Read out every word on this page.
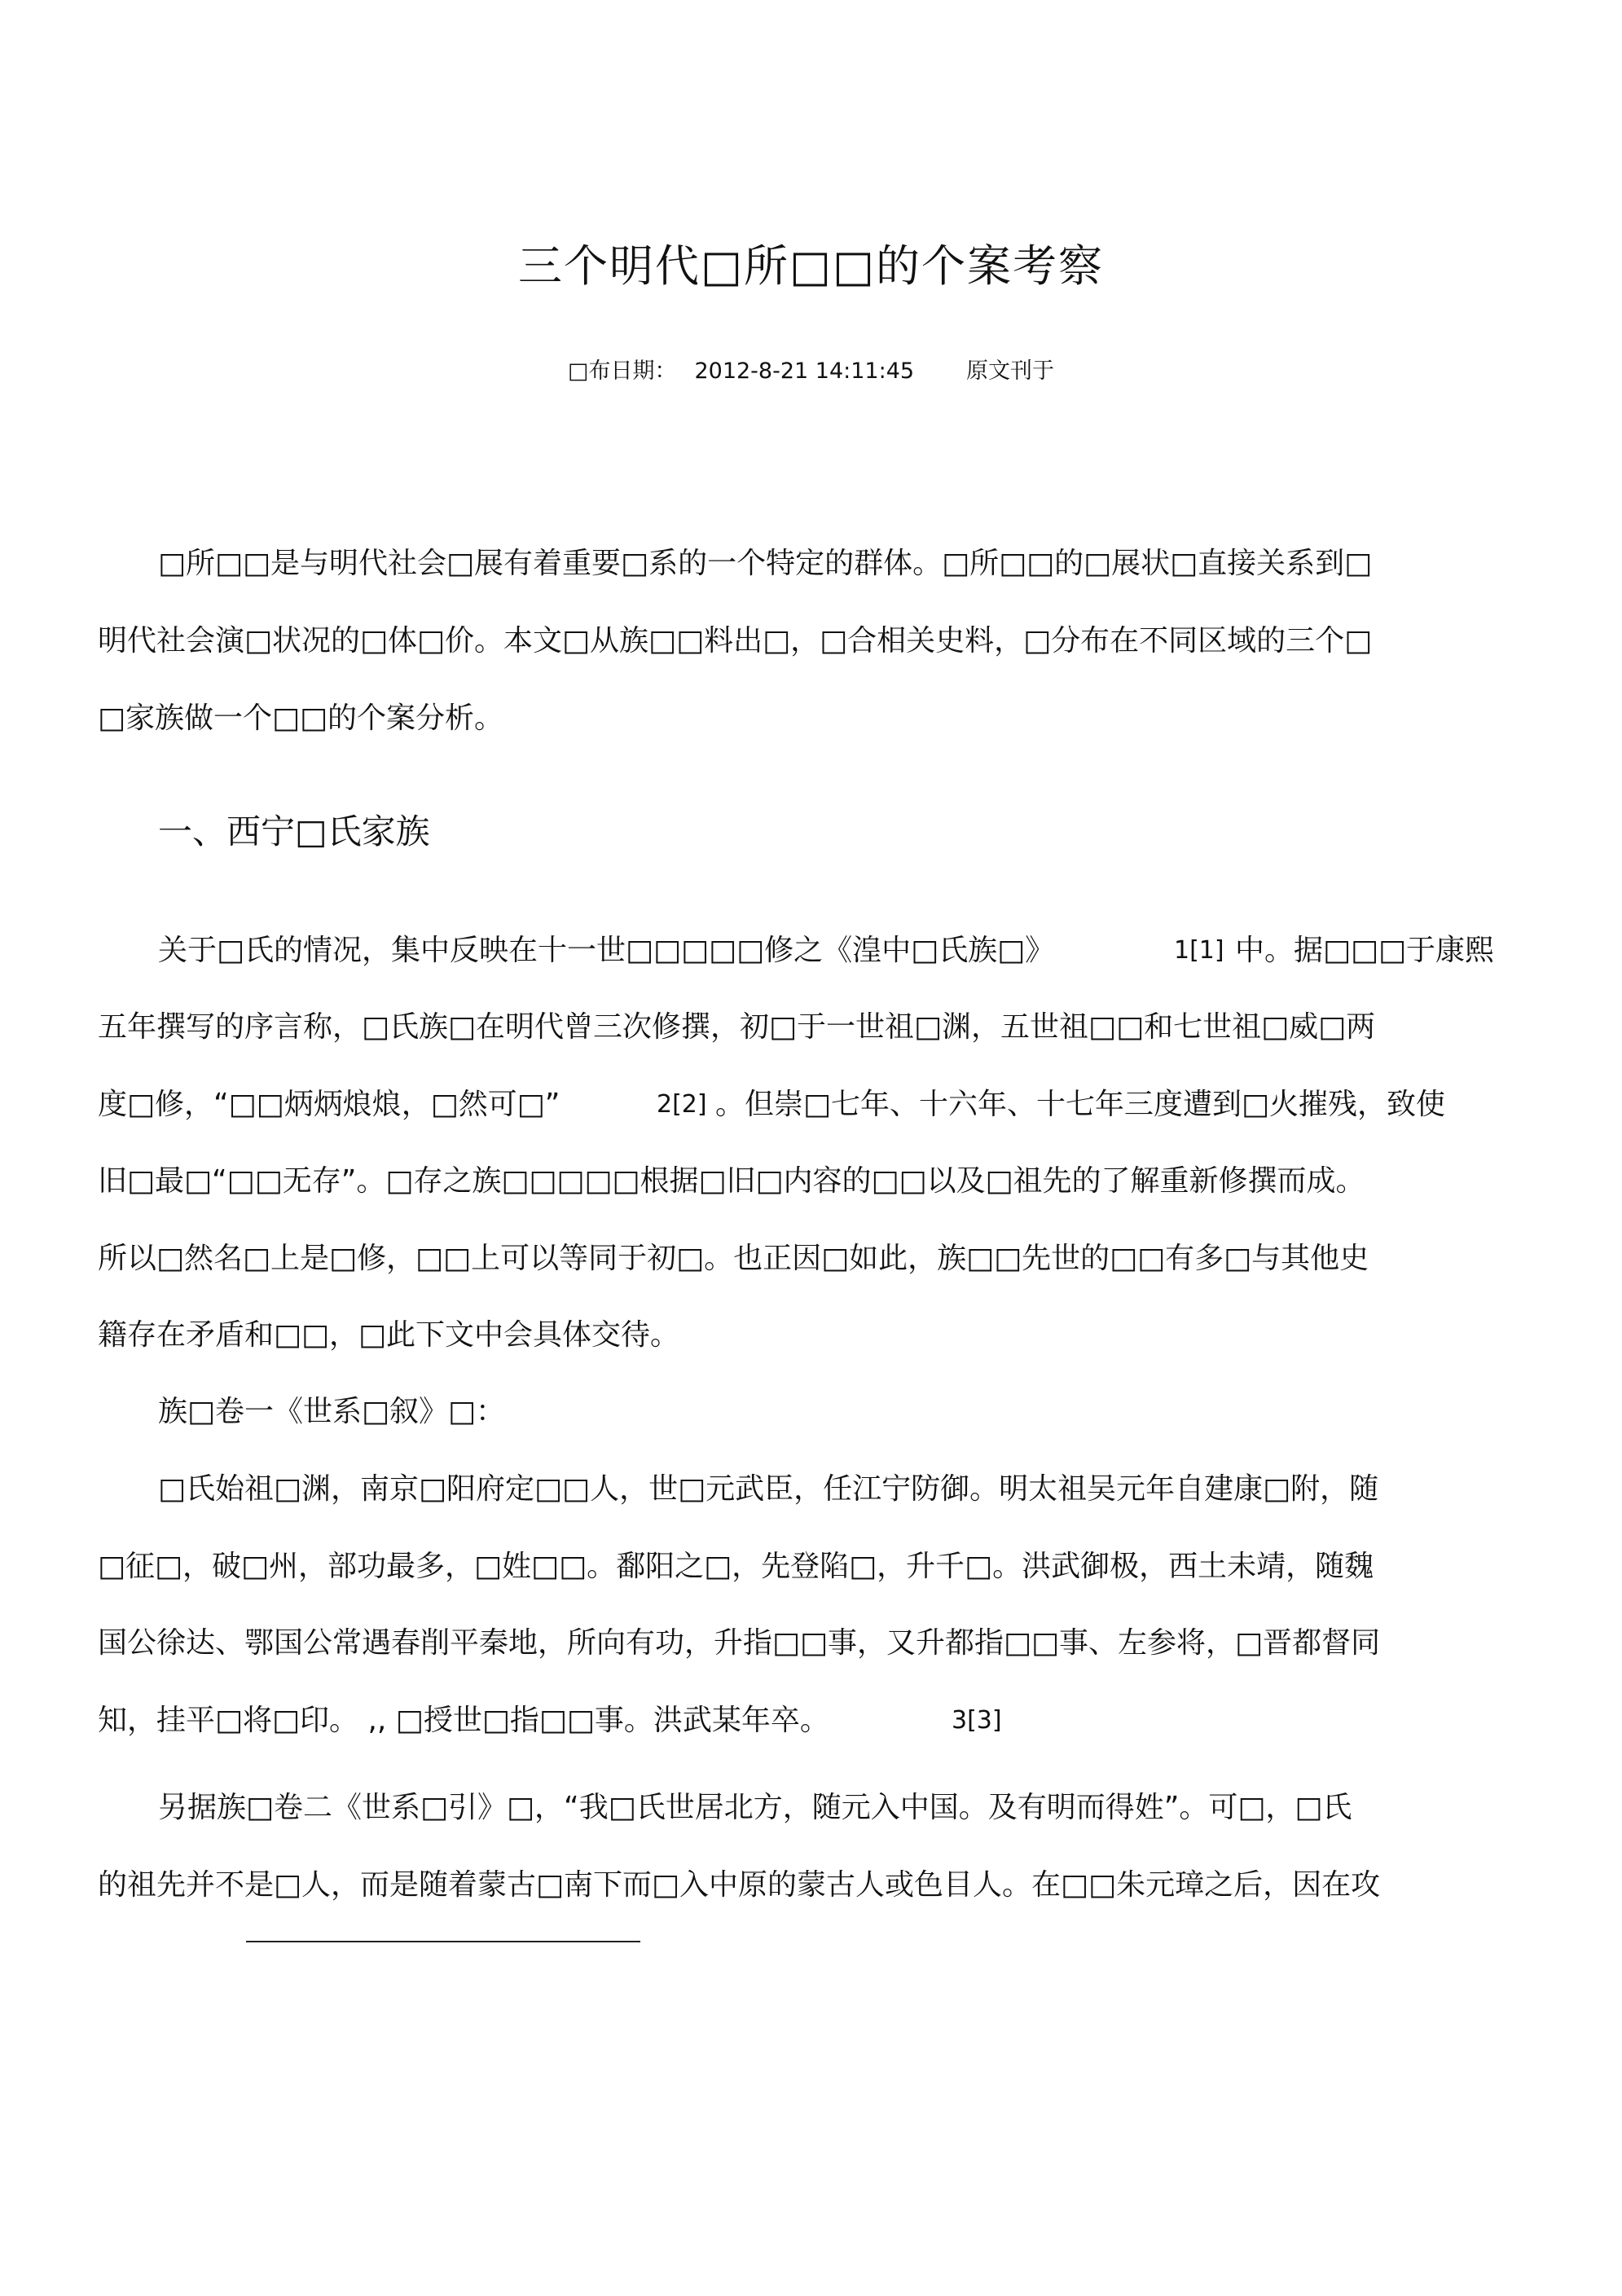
三个明代□所□□的个案考察
□布日期： 2012-8-21 14:11:45 原文刊于
□所□□是与明代社会□展有着重要□系的一个特定的群体。□所□□的□展状□直接关系到□
明代社会演□状况的□体□价。本文□从族□□料出□，□合相关史料，□分布在不同区域的三个□
□家族做一个□□的个案分析。
一、西宁□氏家族
关于□氏的情况，集中反映在十一世□□□□□修之《湟中□氏族□》	1[1] 中。据□□□于康熙
五年撰写的序言称，□氏族□在明代曾三次修撰，初□于一世祖□渊，五世祖□□和七世祖□威□两
度□修，“□□炳炳烺烺，□然可□”	2[2] 。但崇□七年、十六年、十七年三度遭到□火摧残，致使
旧□最□“□□无存”。□存之族□□□□□根据□旧□内容的□□以及□祖先的了解重新修撰而成。
所以□然名□上是□修，□□上可以等同于初□。也正因□如此，族□□先世的□□有多□与其他史
籍存在矛盾和□□，□此下文中会具体交待。
族□卷一《世系□叙》□：
□氏始祖□渊，南京□阳府定□□人，世□元武臣，任江宁防御。明太祖吴元年自建康□附，随
□征□，破□州，部功最多，□姓□□。鄱阳之□，先登陷□，升千□。洪武御极，西土未靖，随魏
国公徐达、鄂国公常遇春削平秦地，所向有功，升指□□事，又升都指□□事、左参将，□晋都督同
知，挂平□将□印。 ,, □授世□指□□事。洪武某年卒。	3[3]
另据族□卷二《世系□引》□，“我□氏世居北方，随元入中国。及有明而得姓”。可□，□氏
的祖先并不是□人，而是随着蒙古□南下而□入中原的蒙古人或色目人。在□□朱元璋之后，因在攻
